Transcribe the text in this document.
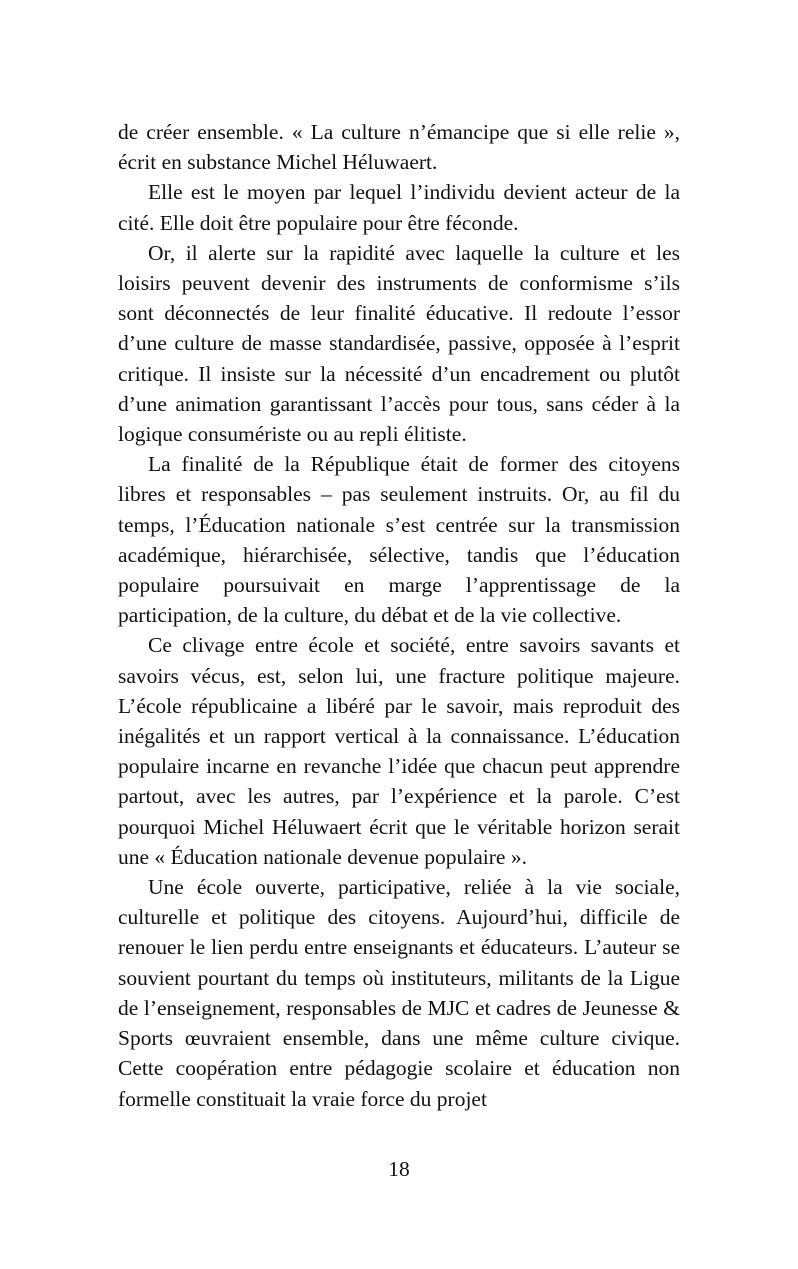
de créer ensemble. « La culture n’émancipe que si elle relie », écrit en substance Michel Héluwaert.

Elle est le moyen par lequel l’individu devient acteur de la cité. Elle doit être populaire pour être féconde.

Or, il alerte sur la rapidité avec laquelle la culture et les loisirs peuvent devenir des instruments de conformisme s’ils sont déconnectés de leur finalité éducative. Il redoute l’essor d’une culture de masse standardisée, passive, opposée à l’esprit critique. Il insiste sur la nécessité d’un encadrement ou plutôt d’une animation garantissant l’accès pour tous, sans céder à la logique consumériste ou au repli élitiste.

La finalité de la République était de former des citoyens libres et responsables – pas seulement instruits. Or, au fil du temps, l’Éducation nationale s’est centrée sur la transmission académique, hiérarchisée, sélective, tandis que l’éducation populaire poursuivait en marge l’apprentissage de la participation, de la culture, du débat et de la vie collective.

Ce clivage entre école et société, entre savoirs savants et savoirs vécus, est, selon lui, une fracture politique majeure. L’école républicaine a libéré par le savoir, mais reproduit des inégalités et un rapport vertical à la connaissance. L’éducation populaire incarne en revanche l’idée que chacun peut apprendre partout, avec les autres, par l’expérience et la parole. C’est pourquoi Michel Héluwaert écrit que le véritable horizon serait une « Éducation nationale devenue populaire ».

Une école ouverte, participative, reliée à la vie sociale, culturelle et politique des citoyens. Aujourd’hui, difficile de renouer le lien perdu entre enseignants et éducateurs. L’auteur se souvient pourtant du temps où instituteurs, militants de la Ligue de l’enseignement, responsables de MJC et cadres de Jeunesse & Sports œuvraient ensemble, dans une même culture civique. Cette coopération entre pédagogie scolaire et éducation non formelle constituait la vraie force du projet

18
